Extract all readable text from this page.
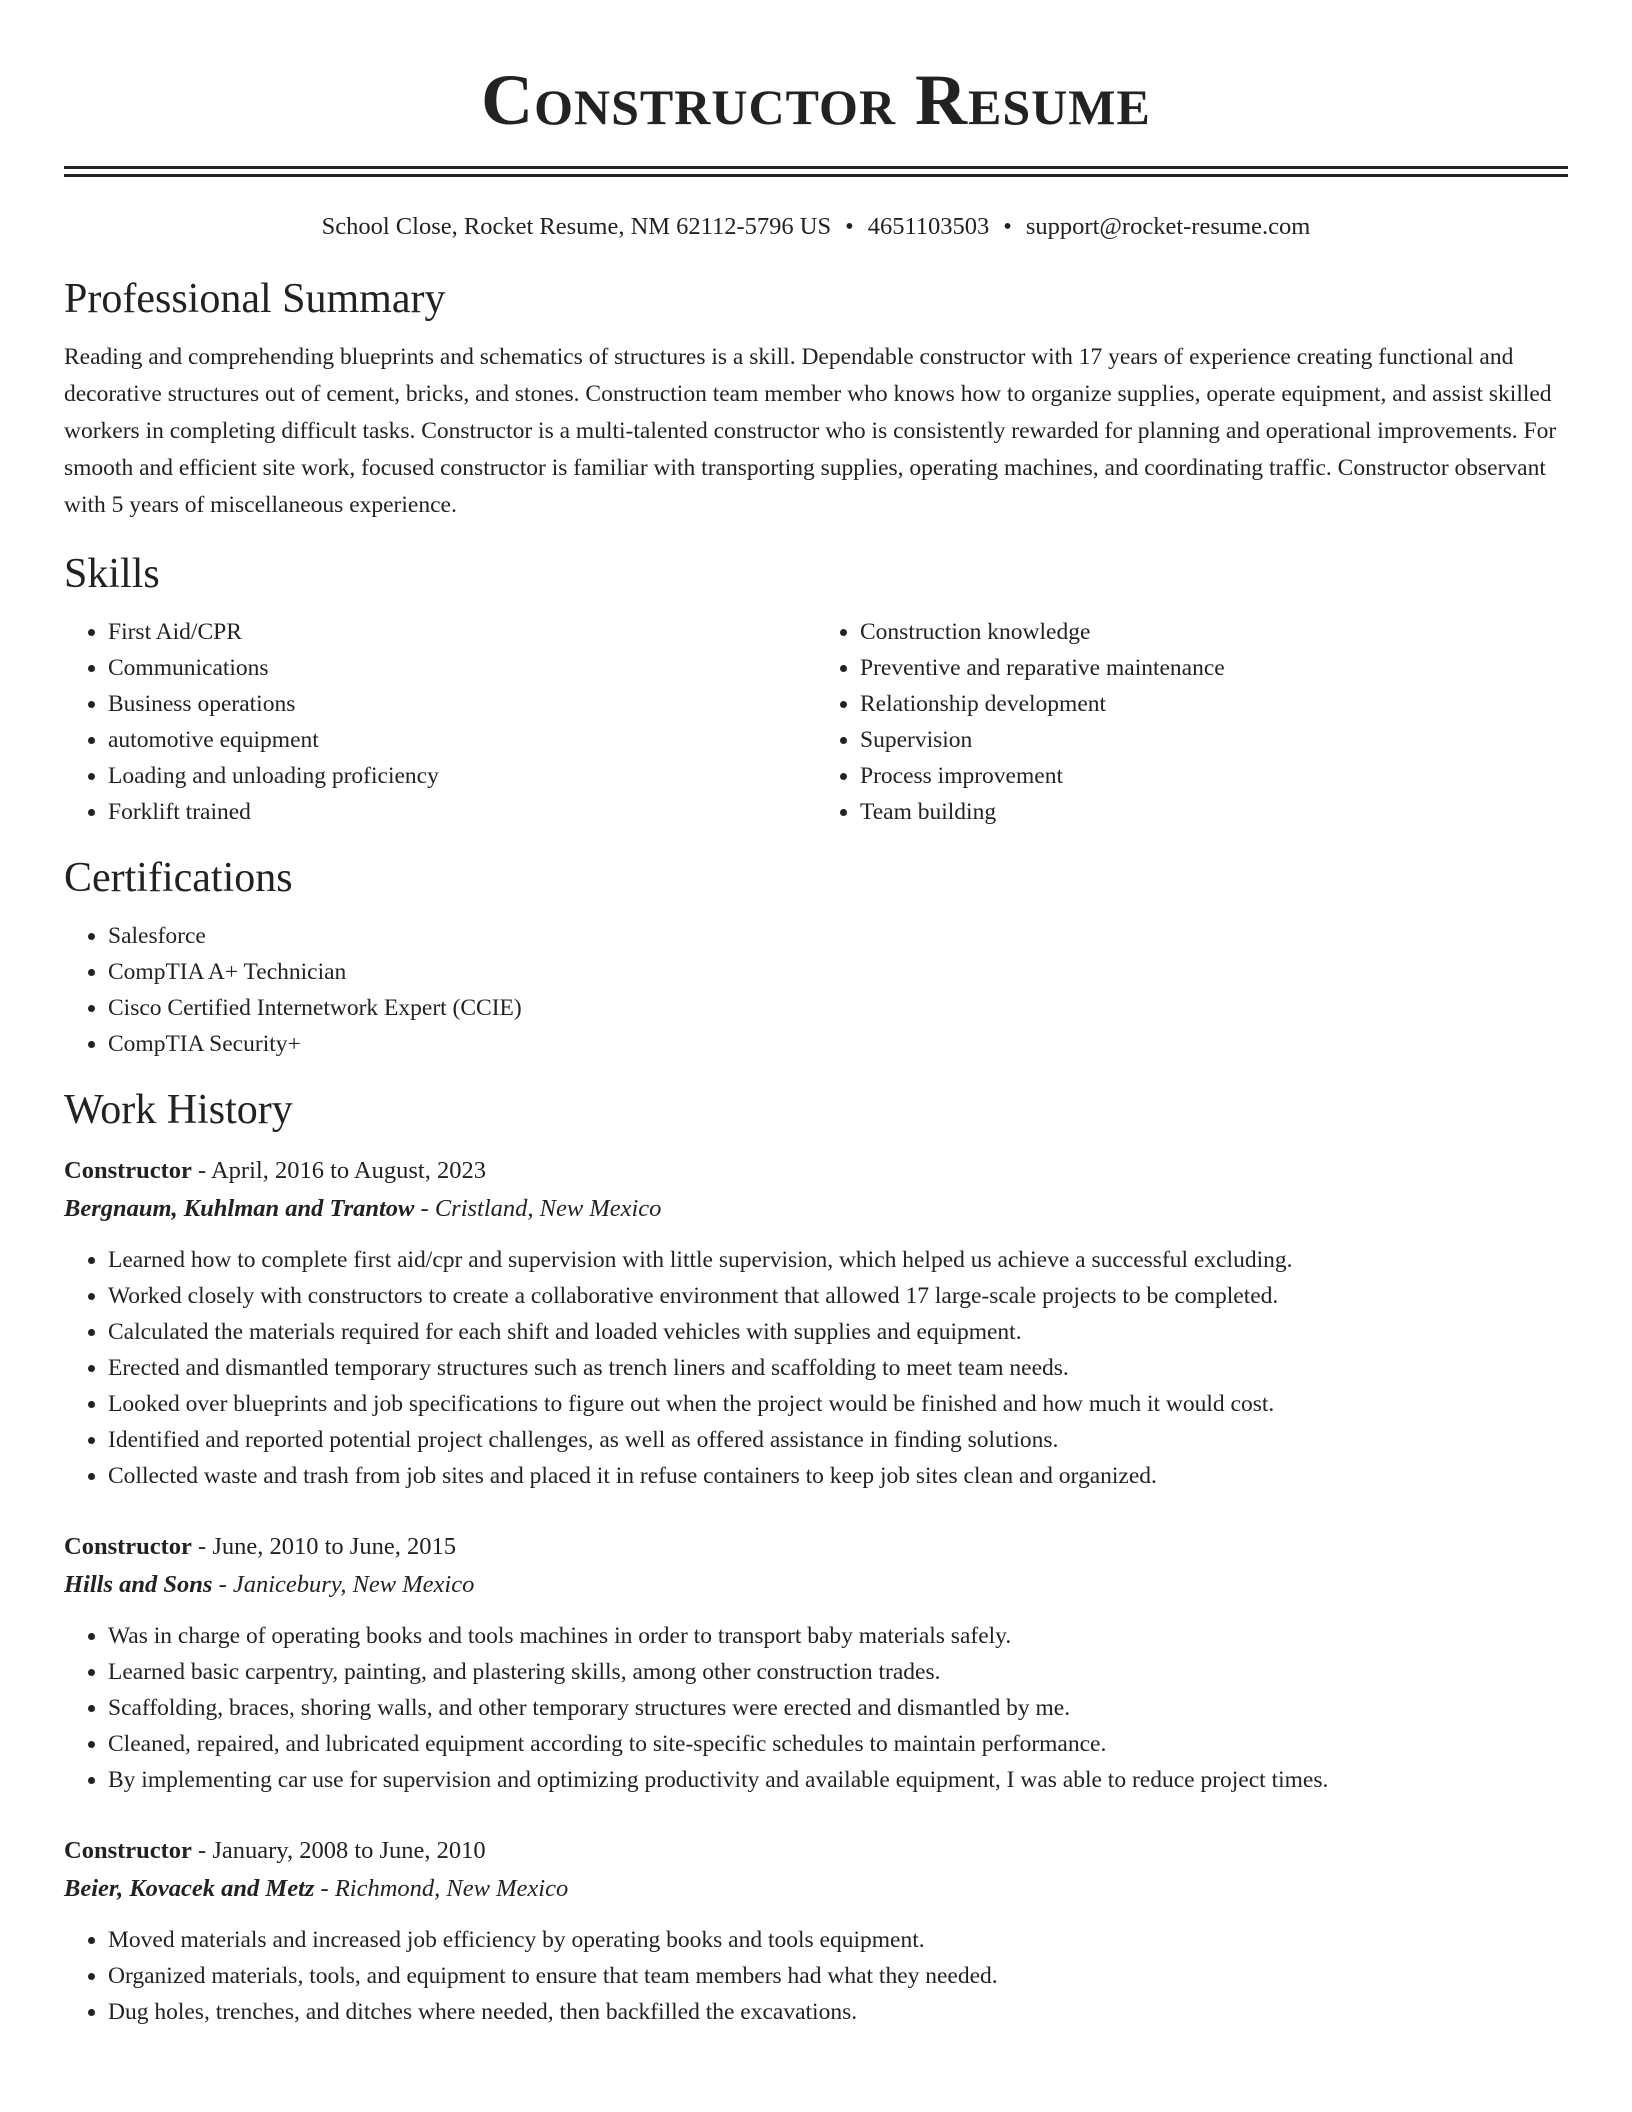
Constructor Resume
School Close, Rocket Resume, NM 62112-5796 US • 4651103503 • support@rocket-resume.com
Professional Summary
Reading and comprehending blueprints and schematics of structures is a skill. Dependable constructor with 17 years of experience creating functional and decorative structures out of cement, bricks, and stones. Construction team member who knows how to organize supplies, operate equipment, and assist skilled workers in completing difficult tasks. Constructor is a multi-talented constructor who is consistently rewarded for planning and operational improvements. For smooth and efficient site work, focused constructor is familiar with transporting supplies, operating machines, and coordinating traffic. Constructor observant with 5 years of miscellaneous experience.
Skills
• First Aid/CPR
• Communications
• Business operations
• automotive equipment
• Loading and unloading proficiency
• Forklift trained
• Construction knowledge
• Preventive and reparative maintenance
• Relationship development
• Supervision
• Process improvement
• Team building
Certifications
• Salesforce
• CompTIA A+ Technician
• Cisco Certified Internetwork Expert (CCIE)
• CompTIA Security+
Work History
Constructor - April, 2016 to August, 2023
Bergnaum, Kuhlman and Trantow - Cristland, New Mexico
• Learned how to complete first aid/cpr and supervision with little supervision, which helped us achieve a successful excluding.
• Worked closely with constructors to create a collaborative environment that allowed 17 large-scale projects to be completed.
• Calculated the materials required for each shift and loaded vehicles with supplies and equipment.
• Erected and dismantled temporary structures such as trench liners and scaffolding to meet team needs.
• Looked over blueprints and job specifications to figure out when the project would be finished and how much it would cost.
• Identified and reported potential project challenges, as well as offered assistance in finding solutions.
• Collected waste and trash from job sites and placed it in refuse containers to keep job sites clean and organized.
Constructor - June, 2010 to June, 2015
Hills and Sons - Janicebury, New Mexico
• Was in charge of operating books and tools machines in order to transport baby materials safely.
• Learned basic carpentry, painting, and plastering skills, among other construction trades.
• Scaffolding, braces, shoring walls, and other temporary structures were erected and dismantled by me.
• Cleaned, repaired, and lubricated equipment according to site-specific schedules to maintain performance.
• By implementing car use for supervision and optimizing productivity and available equipment, I was able to reduce project times.
Constructor - January, 2008 to June, 2010
Beier, Kovacek and Metz - Richmond, New Mexico
• Moved materials and increased job efficiency by operating books and tools equipment.
• Organized materials, tools, and equipment to ensure that team members had what they needed.
• Dug holes, trenches, and ditches where needed, then backfilled the excavations.
